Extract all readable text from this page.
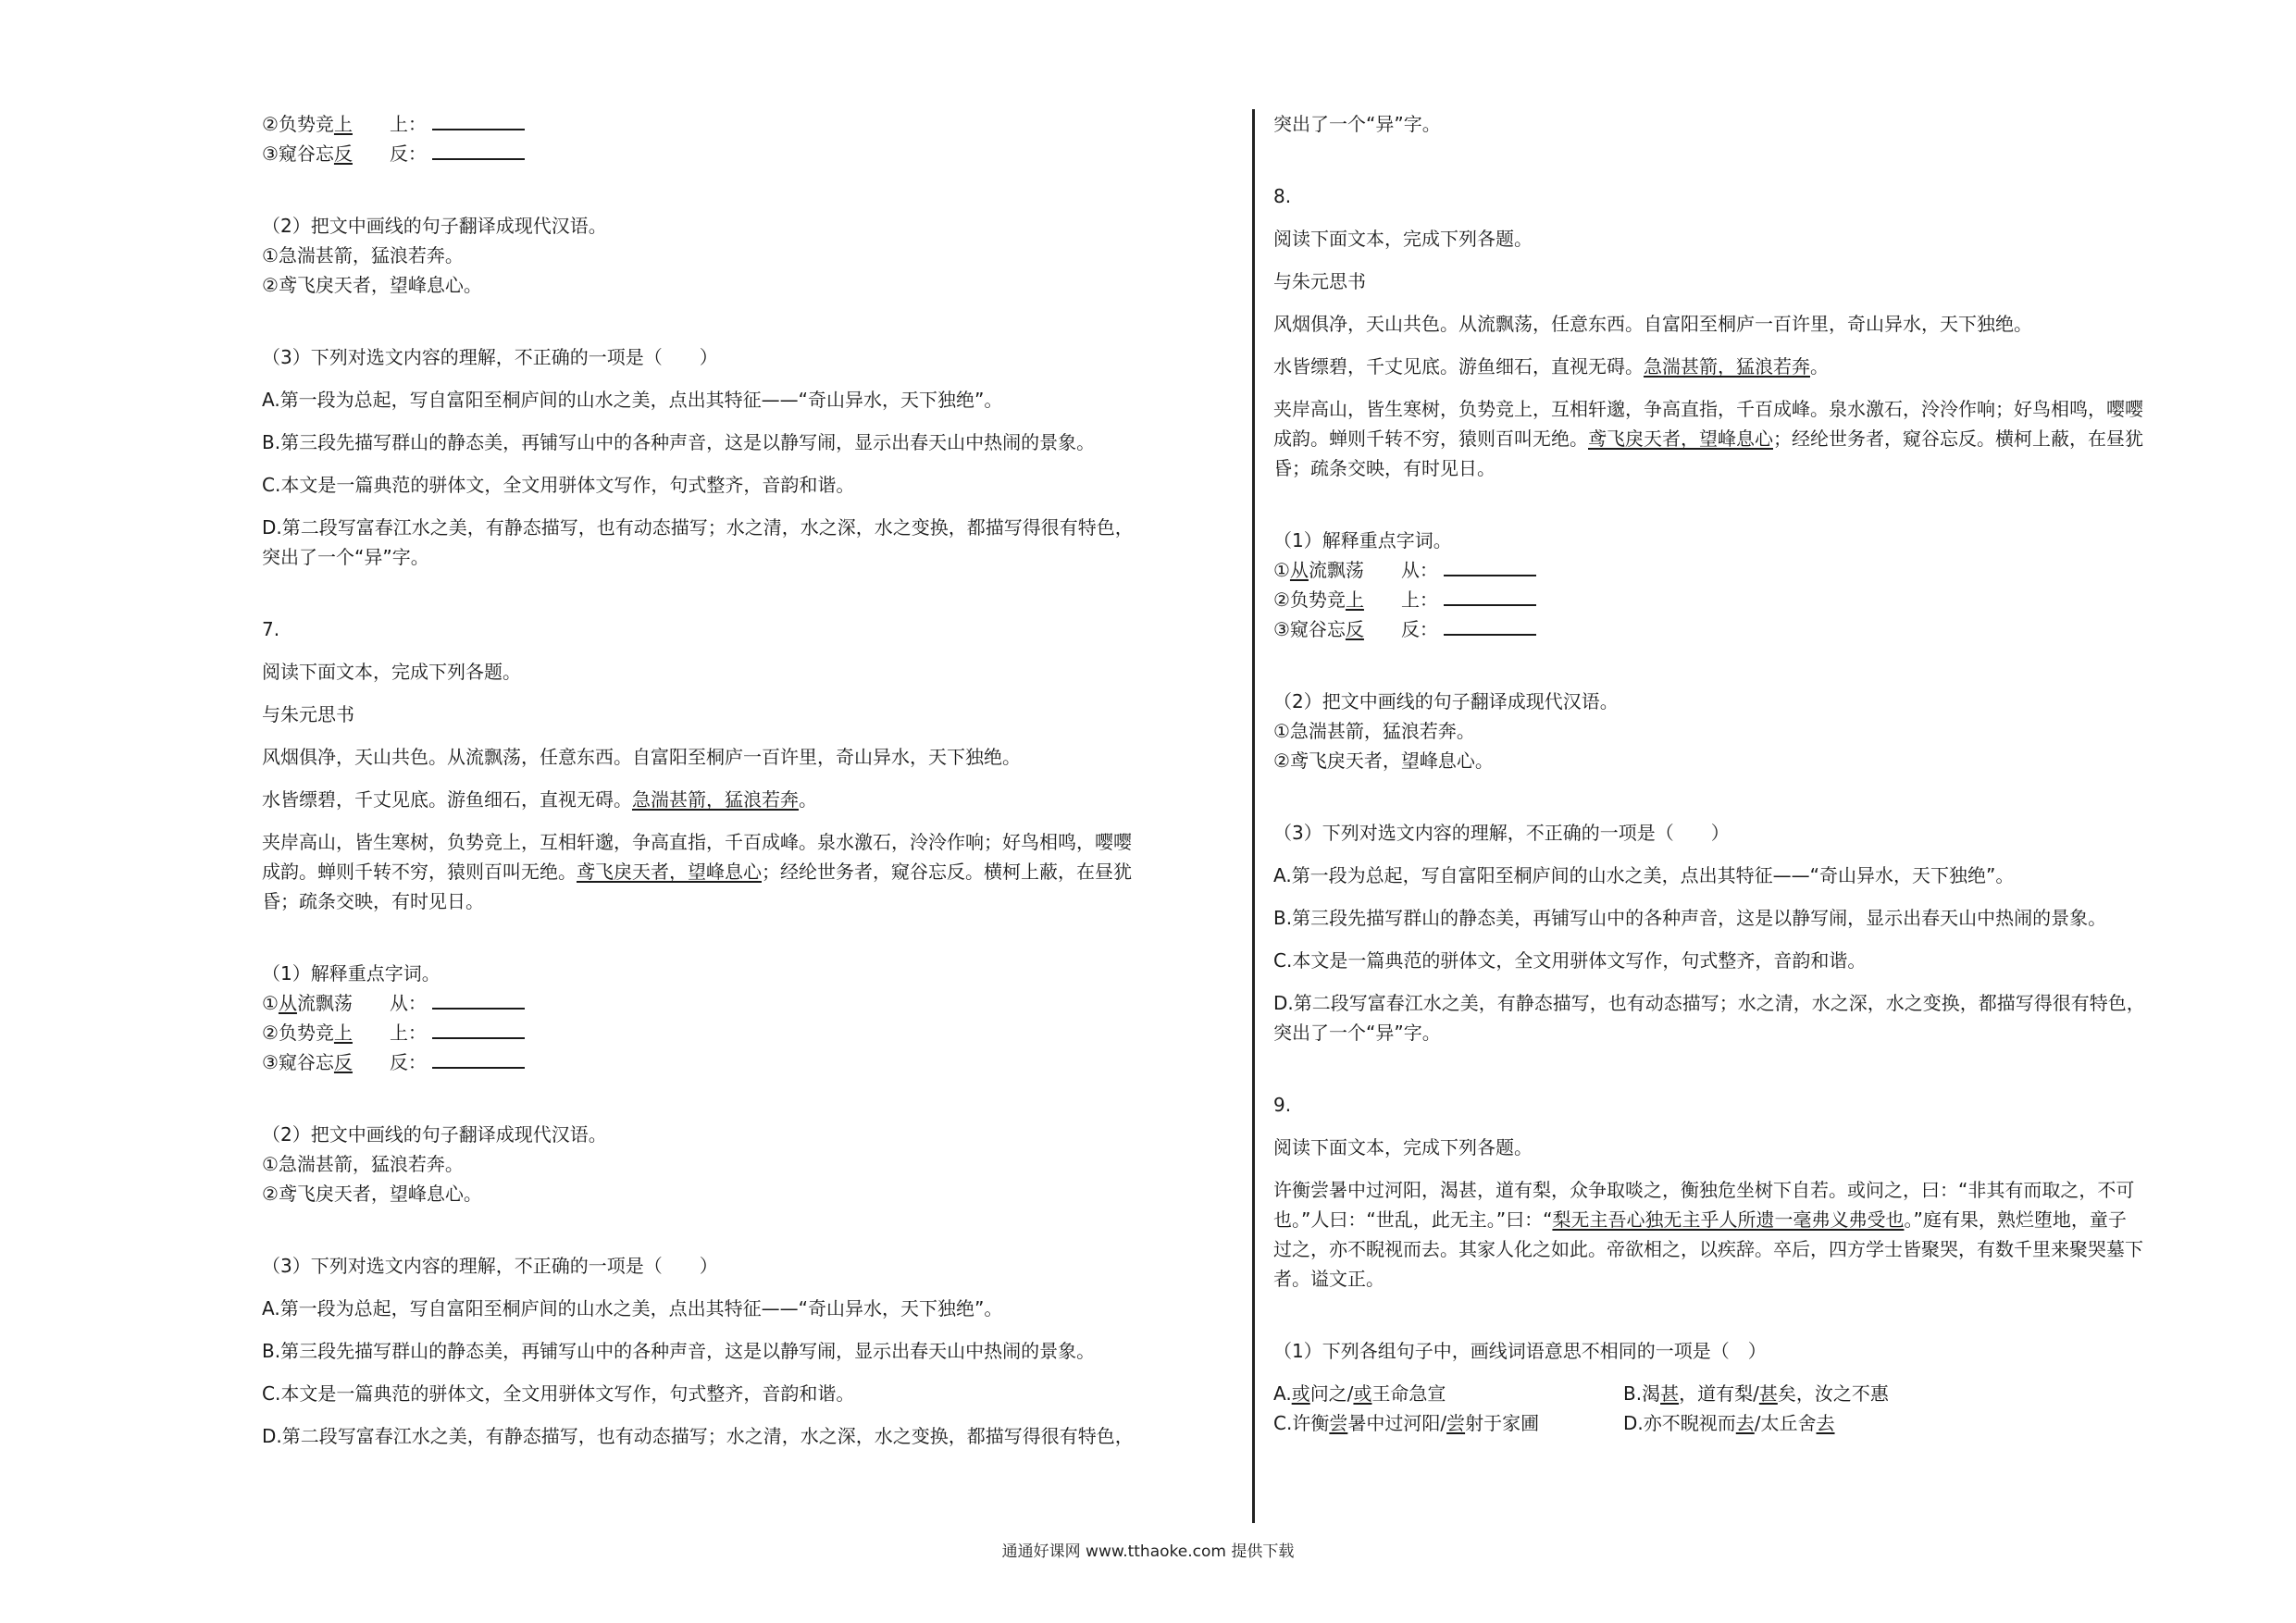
②负势竞上　　 上：
③窥谷忘反　　 反：
（2）把文中画线的句子翻译成现代汉语。
①急湍甚箭，猛浪若奔。
②鸢飞戾天者，望峰息心。
（3）下列对选文内容的理解，不正确的一项是（　　）
A.第一段为总起，写自富阳至桐庐间的山水之美，点出其特征——“奇山异水，天下独绝”。
B.第三段先描写群山的静态美，再铺写山中的各种声音，这是以静写闹，显示出春天山中热闹的景象。
C.本文是一篇典范的骈体文，全文用骈体文写作，句式整齐，音韵和谐。
D.第二段写富春江水之美，有静态描写，也有动态描写；水之清，水之深，水之变换，都描写得很有特色，
突出了一个“异”字。
7.
阅读下面文本，完成下列各题。
与朱元思书
风烟俱净，天山共色。从流飘荡，任意东西。自富阳至桐庐一百许里，奇山异水，天下独绝。
水皆缥碧，千丈见底。游鱼细石，直视无碍。急湍甚箭，猛浪若奔。
夹岸高山，皆生寒树，负势竞上，互相轩邈，争高直指，千百成峰。泉水激石，泠泠作响；好鸟相鸣，嘤嘤
成韵。蝉则千转不穷，猿则百叫无绝。鸢飞戾天者，望峰息心；经纶世务者，窥谷忘反。横柯上蔽，在昼犹
昏；疏条交映，有时见日。
（1）解释重点字词。
①从流飘荡　　 从：
②负势竞上　　 上：
③窥谷忘反　　 反：
（2）把文中画线的句子翻译成现代汉语。
①急湍甚箭，猛浪若奔。
②鸢飞戾天者，望峰息心。
（3）下列对选文内容的理解，不正确的一项是（　　）
A.第一段为总起，写自富阳至桐庐间的山水之美，点出其特征——“奇山异水，天下独绝”。
B.第三段先描写群山的静态美，再铺写山中的各种声音，这是以静写闹，显示出春天山中热闹的景象。
C.本文是一篇典范的骈体文，全文用骈体文写作，句式整齐，音韵和谐。
D.第二段写富春江水之美，有静态描写，也有动态描写；水之清，水之深，水之变换，都描写得很有特色，
突出了一个“异”字。
8.
阅读下面文本，完成下列各题。
与朱元思书
风烟俱净，天山共色。从流飘荡，任意东西。自富阳至桐庐一百许里，奇山异水，天下独绝。
水皆缥碧，千丈见底。游鱼细石，直视无碍。急湍甚箭，猛浪若奔。
夹岸高山，皆生寒树，负势竞上，互相轩邈，争高直指，千百成峰。泉水激石，泠泠作响；好鸟相鸣，嘤嘤
成韵。蝉则千转不穷，猿则百叫无绝。鸢飞戾天者，望峰息心；经纶世务者，窥谷忘反。横柯上蔽，在昼犹
昏；疏条交映，有时见日。
（1）解释重点字词。
①从流飘荡　　 从：
②负势竞上　　 上：
③窥谷忘反　　 反：
（2）把文中画线的句子翻译成现代汉语。
①急湍甚箭，猛浪若奔。
②鸢飞戾天者，望峰息心。
（3）下列对选文内容的理解，不正确的一项是（　　）
A.第一段为总起，写自富阳至桐庐间的山水之美，点出其特征——“奇山异水，天下独绝”。
B.第三段先描写群山的静态美，再铺写山中的各种声音，这是以静写闹，显示出春天山中热闹的景象。
C.本文是一篇典范的骈体文，全文用骈体文写作，句式整齐，音韵和谐。
D.第二段写富春江水之美，有静态描写，也有动态描写；水之清，水之深，水之变换，都描写得很有特色，
突出了一个“异”字。
9.
阅读下面文本，完成下列各题。
许衡尝暑中过河阳，渴甚，道有梨，众争取啖之，衡独危坐树下自若。或问之，曰：“非其有而取之，不可
也。”人曰：“世乱，此无主。”曰：“梨无主吾心独无主乎人所遗一毫弗义弗受也。”庭有果，熟烂堕地，童子
过之，亦不睨视而去。其家人化之如此。帝欲相之，以疾辞。卒后，四方学士皆聚哭，有数千里来聚哭墓下
者。谥文正。
（1）下列各组句子中，画线词语意思不相同的一项是（　）
A.或问之/或王命急宣	B.渴甚，道有梨/甚矣，汝之不惠
C.许衡尝暑中过河阳/尝射于家圃	D.亦不睨视而去/太丘舍去
通通好课网 www.tthaoke.com 提供下载
